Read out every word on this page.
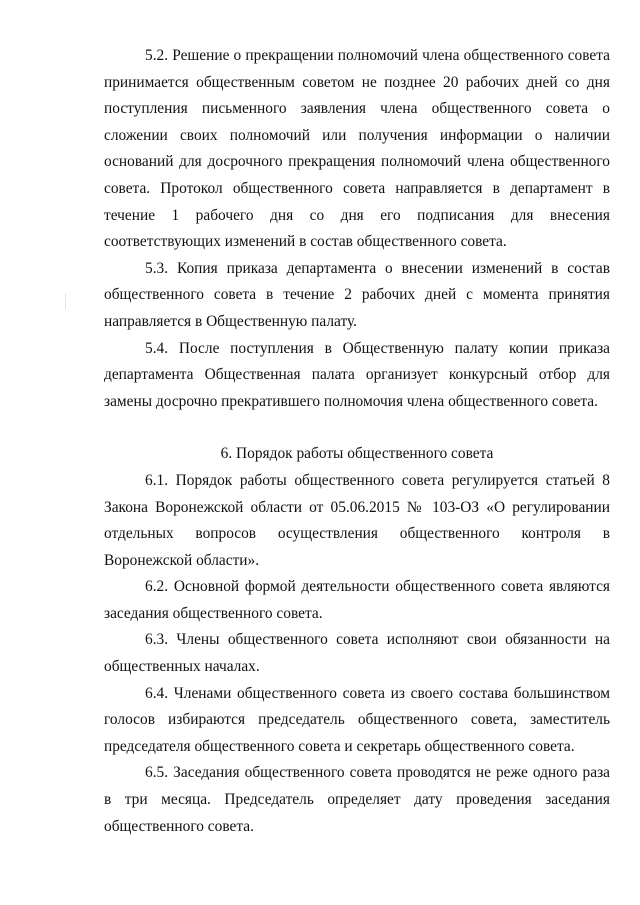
5.2. Решение о прекращении полномочий члена общественного совета принимается общественным советом не позднее 20 рабочих дней со дня поступления письменного заявления члена общественного совета о сложении своих полномочий или получения информации о наличии оснований для досрочного прекращения полномочий члена общественного совета. Протокол общественного совета направляется в департамент в течение 1 рабочего дня со дня его подписания для внесения соответствующих изменений в состав общественного совета.

5.3. Копия приказа департамента о внесении изменений в состав общественного совета в течение 2 рабочих дней с момента принятия направляется в Общественную палату.

5.4. После поступления в Общественную палату копии приказа департамента Общественная палата организует конкурсный отбор для замены досрочно прекратившего полномочия члена общественного совета.

6. Порядок работы общественного совета

6.1. Порядок работы общественного совета регулируется статьей 8 Закона Воронежской области от 05.06.2015 № 103-ОЗ «О регулировании отдельных вопросов осуществления общественного контроля в Воронежской области».

6.2. Основной формой деятельности общественного совета являются заседания общественного совета.

6.3. Члены общественного совета исполняют свои обязанности на общественных началах.

6.4. Членами общественного совета из своего состава большинством голосов избираются председатель общественного совета, заместитель председателя общественного совета и секретарь общественного совета.

6.5. Заседания общественного совета проводятся не реже одного раза в три месяца. Председатель определяет дату проведения заседания общественного совета.
